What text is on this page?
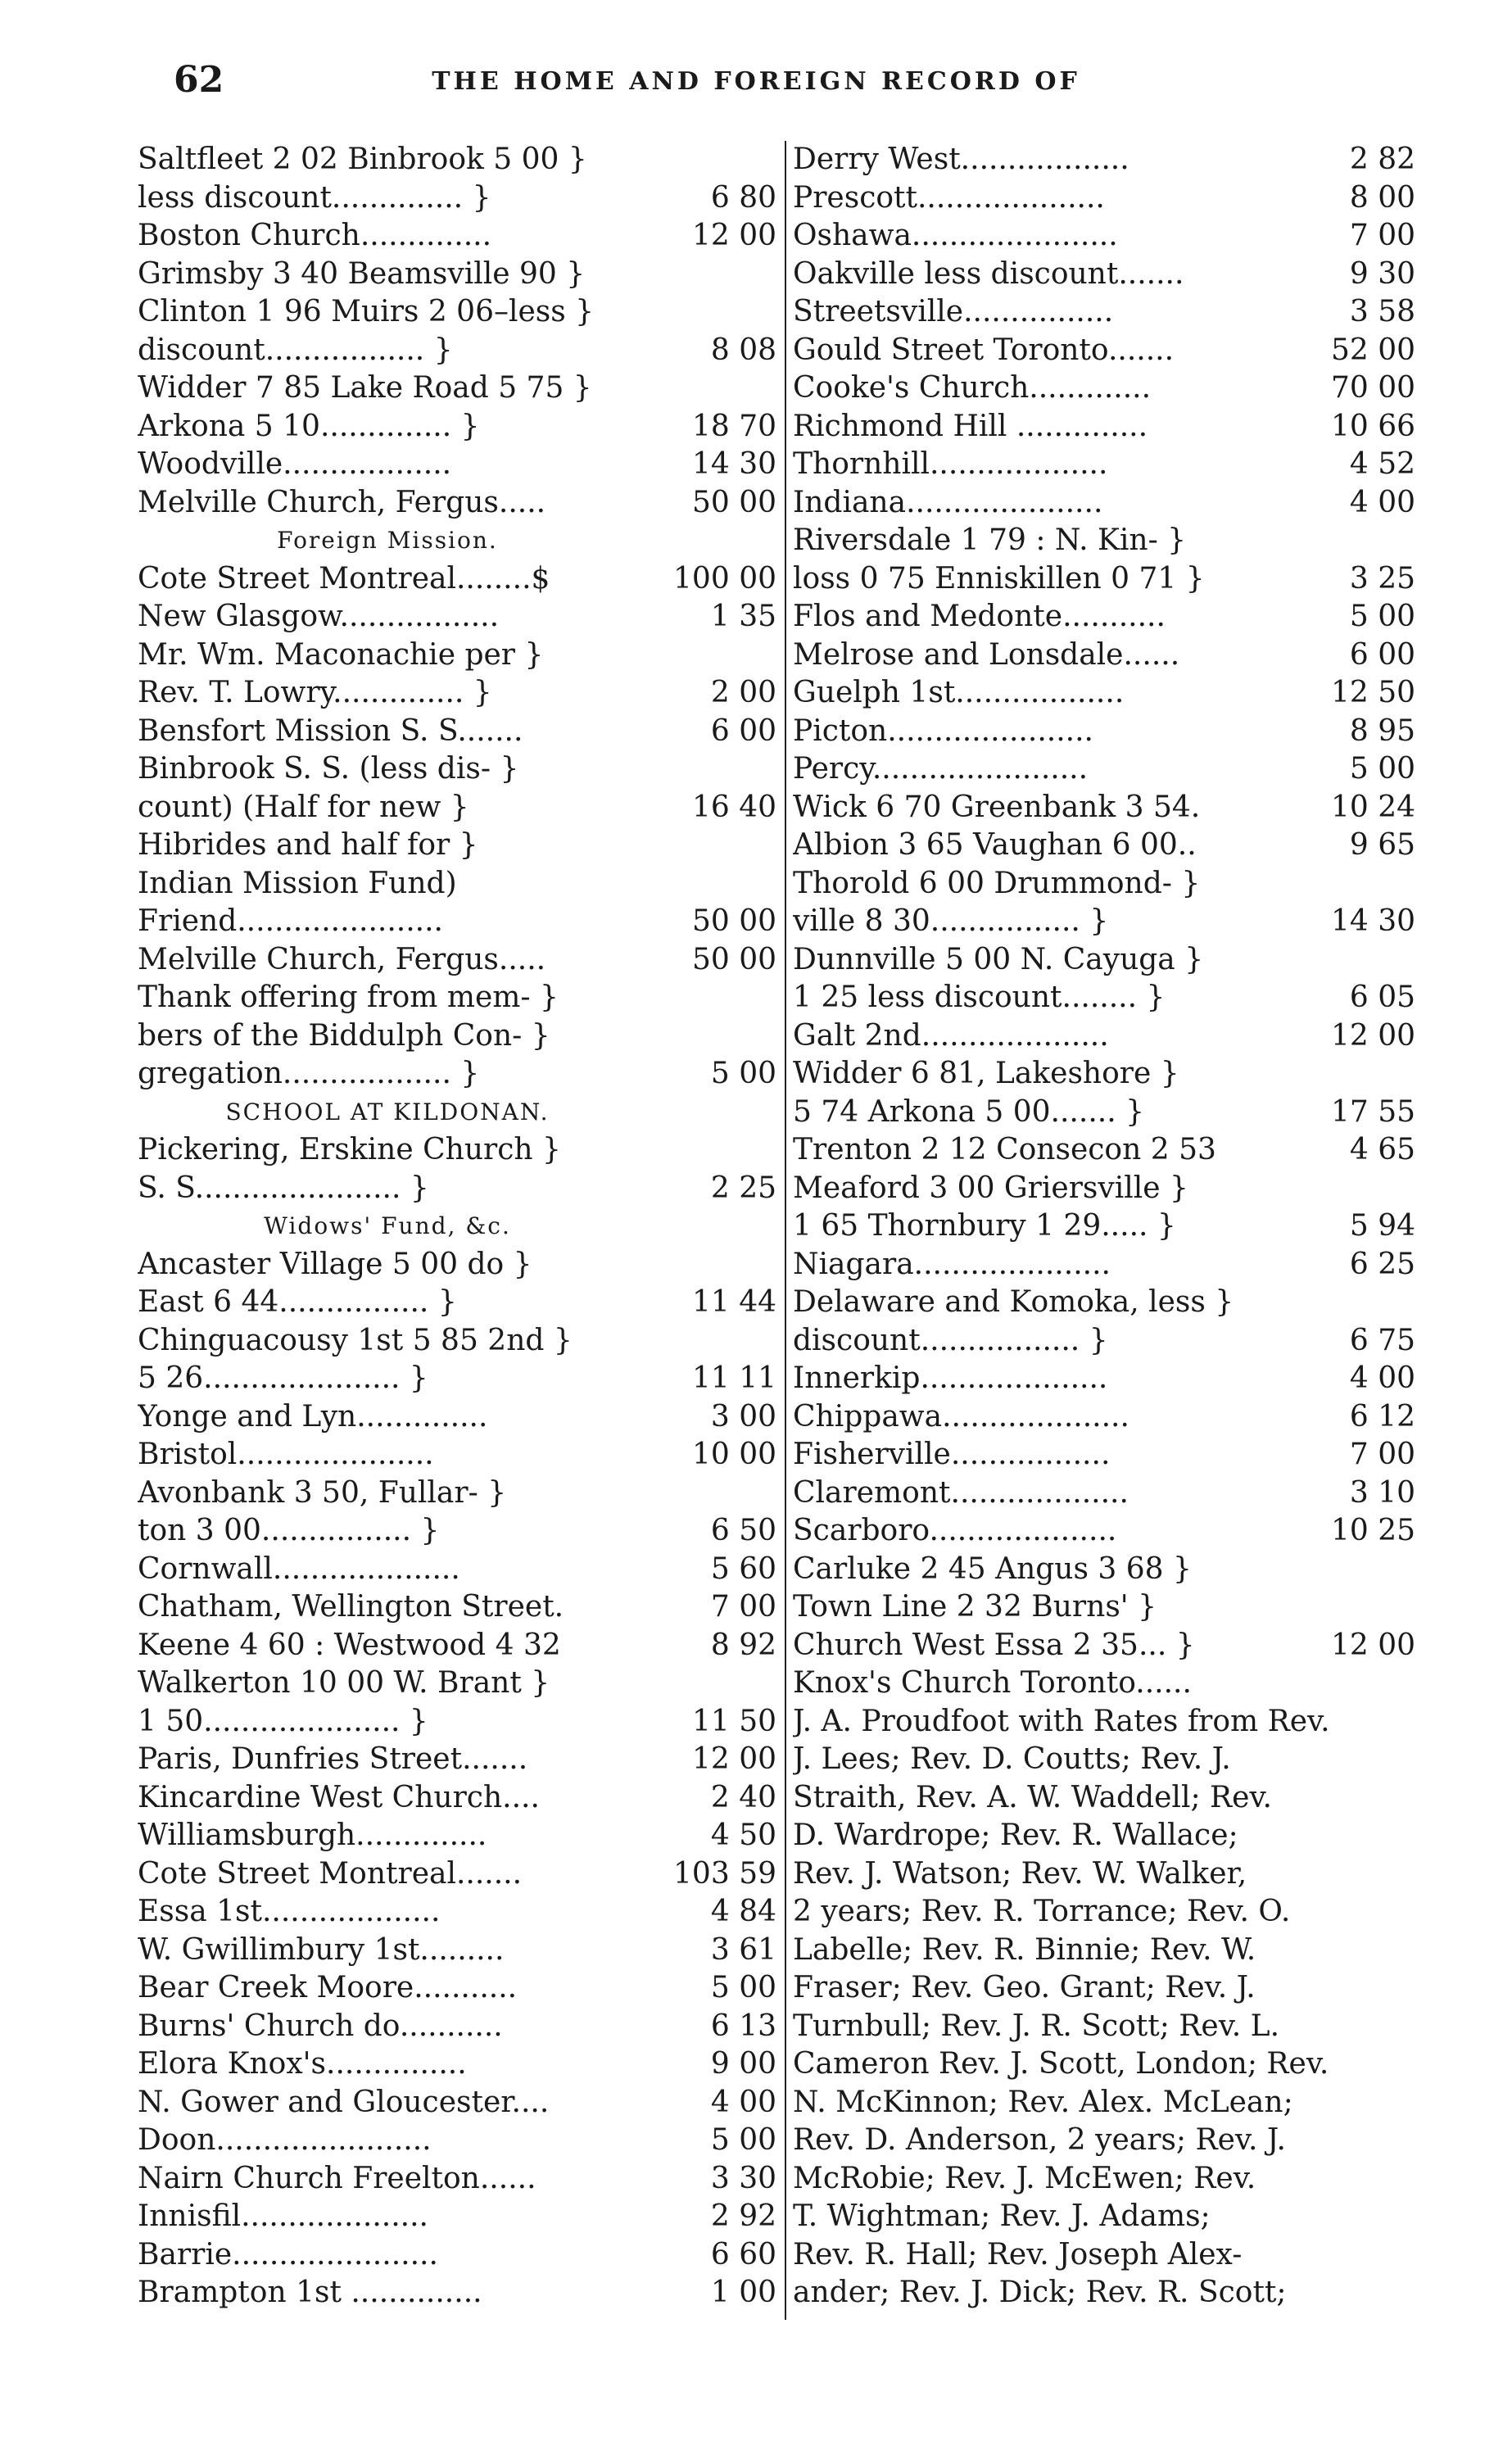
62	THE HOME AND FOREIGN RECORD OF
Saltfleet 2 02 Binbrook 5 00 }
less discount.............. }	6 80
Boston Church..............	12 00
Grimsby 3 40 Beamsville 90 }
Clinton 1 96 Muirs 2 06–less }
discount................. }	8 08
Widder 7 85 Lake Road 5 75 }
Arkona 5 10.............. }	18 70
Woodville..................	14 30
Melville Church, Fergus.....	50 00
Foreign Mission.
Cote Street Montreal........$	100 00
New Glasgow.................	1 35
Mr. Wm. Maconachie per }
Rev. T. Lowry.............. }	2 00
Bensfort Mission S. S.......	6 00
Binbrook S. S. (less dis- }
count) (Half for new }	16 40
Hibrides and half for }
Indian Mission Fund)
Friend......................	50 00
Melville Church, Fergus.....	50 00
Thank offering from mem- }
bers of the Biddulph Con- }
gregation.................. }	5 00
SCHOOL AT KILDONAN.
Pickering, Erskine Church }
S. S...................... }	2 25
Widows' Fund, &c.
Ancaster Village 5 00 do }
East 6 44................ }	11 44
Chinguacousy 1st 5 85 2nd }
5 26..................... }	11 11
Yonge and Lyn..............	3 00
Bristol.....................	10 00
Avonbank 3 50, Fullar- }
ton 3 00................ }	6 50
Cornwall....................	5 60
Chatham, Wellington Street.	7 00
Keene 4 60 : Westwood 4 32	8 92
Walkerton 10 00 W. Brant }
1 50..................... }	11 50
Paris, Dunfries Street.......	12 00
Kincardine West Church....	2 40
Williamsburgh..............	4 50
Cote Street Montreal.......	103 59
Essa 1st...................	4 84
W. Gwillimbury 1st.........	3 61
Bear Creek Moore...........	5 00
Burns' Church do...........	6 13
Elora Knox's...............	9 00
N. Gower and Gloucester....	4 00
Doon.......................	5 00
Nairn Church Freelton......	3 30
Innisfil....................	2 92
Barrie......................	6 60
Brampton 1st ..............	1 00
Derry West..................	2 82
Prescott....................	8 00
Oshawa......................	7 00
Oakville less discount.......	9 30
Streetsville................	3 58
Gould Street Toronto.......	52 00
Cooke's Church.............	70 00
Richmond Hill ..............	10 66
Thornhill...................	4 52
Indiana.....................	4 00
Riversdale 1 79 : N. Kin- }
loss 0 75 Enniskillen 0 71 }	3 25
Flos and Medonte...........	5 00
Melrose and Lonsdale......	6 00
Guelph 1st..................	12 50
Picton......................	8 95
Percy.......................	5 00
Wick 6 70 Greenbank 3 54.	10 24
Albion 3 65 Vaughan 6 00..	9 65
Thorold 6 00 Drummond- }
ville 8 30................ }	14 30
Dunnville 5 00 N. Cayuga }
1 25 less discount........ }	6 05
Galt 2nd....................	12 00
Widder 6 81, Lakeshore }
5 74 Arkona 5 00....... }	17 55
Trenton 2 12 Consecon 2 53	4 65
Meaford 3 00 Griersville }
1 65 Thornbury 1 29..... }	5 94
Niagara.....................	6 25
Delaware and Komoka, less }
discount................. }	6 75
Innerkip....................	4 00
Chippawa....................	6 12
Fisherville.................	7 00
Claremont...................	3 10
Scarboro....................	10 25
Carluke 2 45 Angus 3 68 }
Town Line 2 32 Burns' }
Church West Essa 2 35... }	12 00
Knox's Church Toronto......
J. A. Proudfoot with Rates from Rev.
J. Lees; Rev. D. Coutts; Rev. J.
Straith, Rev. A. W. Waddell; Rev.
D. Wardrope; Rev. R. Wallace;
Rev. J. Watson; Rev. W. Walker,
2 years; Rev. R. Torrance; Rev. O.
Labelle; Rev. R. Binnie; Rev. W.
Fraser; Rev. Geo. Grant; Rev. J.
Turnbull; Rev. J. R. Scott; Rev. L.
Cameron Rev. J. Scott, London; Rev.
N. McKinnon; Rev. Alex. McLean;
Rev. D. Anderson, 2 years; Rev. J.
McRobie; Rev. J. McEwen; Rev.
T. Wightman; Rev. J. Adams;
Rev. R. Hall; Rev. Joseph Alex-
ander; Rev. J. Dick; Rev. R. Scott;
